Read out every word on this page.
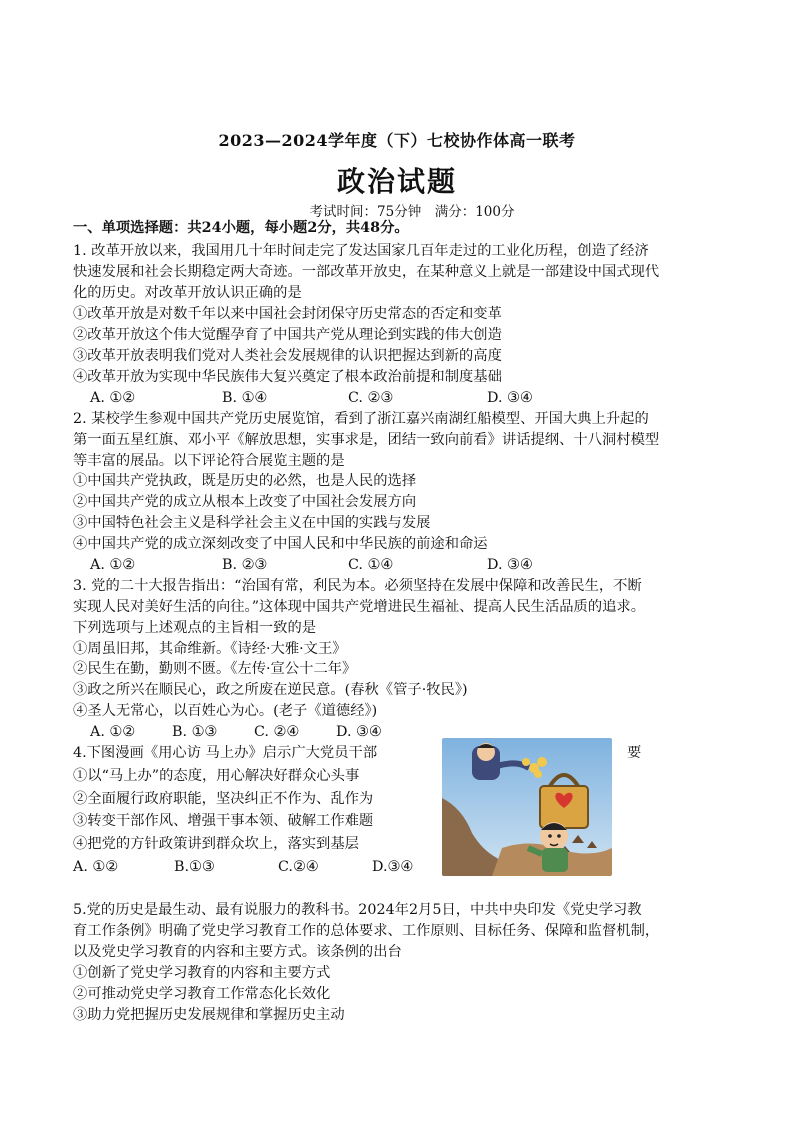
2023—2024学年度（下）七校协作体高一联考
政治试题
考试时间：75分钟　满分：100分
一、单项选择题：共24小题，每小题2分，共48分。
1. 改革开放以来，我国用几十年时间走完了发达国家几百年走过的工业化历程，创造了经济
快速发展和社会长期稳定两大奇迹。一部改革开放史，在某种意义上就是一部建设中国式现代
化的历史。对改革开放认识正确的是
①改革开放是对数千年以来中国社会封闭保守历史常态的否定和变革
②改革开放这个伟大觉醒孕育了中国共产党从理论到实践的伟大创造
③改革开放表明我们党对人类社会发展规律的认识把握达到新的高度
④改革开放为实现中华民族伟大复兴奠定了根本政治前提和制度基础
A. ①②	B. ①④	C. ②③	D. ③④
2. 某校学生参观中国共产党历史展览馆，看到了浙江嘉兴南湖红船模型、开国大典上升起的
第一面五星红旗、邓小平《解放思想，实事求是，团结一致向前看》讲话提纲、十八洞村模型
等丰富的展品。以下评论符合展览主题的是
①中国共产党执政，既是历史的必然，也是人民的选择
②中国共产党的成立从根本上改变了中国社会发展方向
③中国特色社会主义是科学社会主义在中国的实践与发展
④中国共产党的成立深刻改变了中国人民和中华民族的前途和命运
A. ①②	B. ②③	C. ①④	D. ③④
3. 党的二十大报告指出：“治国有常，利民为本。必须坚持在发展中保障和改善民生，不断
实现人民对美好生活的向往。”这体现中国共产党增进民生福祉、提高人民生活品质的追求。
下列选项与上述观点的主旨相一致的是
①周虽旧邦，其命维新。《诗经·大雅·文王》
②民生在勤，勤则不匮。《左传·宣公十二年》
③政之所兴在顺民心，政之所废在逆民意。(春秋《管子·牧民》)
④圣人无常心，以百姓心为心。(老子《道德经》)
A. ①②	B. ①③	C. ②④	D. ③④
4.下图漫画《用心访 马上办》启示广大党员干部	要
①以“马上办”的态度，用心解决好群众心头事
②全面履行政府职能，坚决纠正不作为、乱作为
③转变干部作风、增强干事本领、破解工作难题
④把党的方针政策讲到群众坎上，落实到基层
A. ①②	B.①③	C.②④	D.③④
5.党的历史是最生动、最有说服力的教科书。2024年2月5日，中共中央印发《党史学习教
育工作条例》明确了党史学习教育工作的总体要求、工作原则、目标任务、保障和监督机制，
以及党史学习教育的内容和主要方式。该条例的出台
①创新了党史学习教育的内容和主要方式
②可推动党史学习教育工作常态化长效化
③助力党把握历史发展规律和掌握历史主动
